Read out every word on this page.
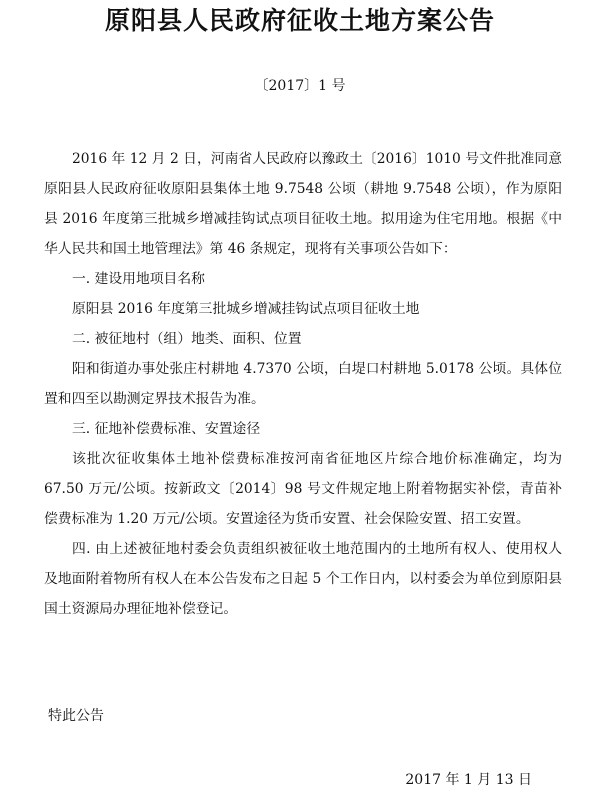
原阳县人民政府征收土地方案公告
〔2017〕1 号

2016 年 12 月 2 日，河南省人民政府以豫政土〔2016〕1010 号文件批准同意原阳县人民政府征收原阳县集体土地 9.7548 公顷（耕地 9.7548 公顷），作为原阳县 2016 年度第三批城乡增减挂钩试点项目征收土地。拟用途为住宅用地。根据《中华人民共和国土地管理法》第 46 条规定，现将有关事项公告如下：

一. 建设用地项目名称

原阳县 2016 年度第三批城乡增减挂钩试点项目征收土地

二. 被征地村（组）地类、面积、位置

阳和街道办事处张庄村耕地 4.7370 公顷，白堤口村耕地 5.0178 公顷。具体位置和四至以勘测定界技术报告为准。

三. 征地补偿费标准、安置途径

该批次征收集体土地补偿费标准按河南省征地区片综合地价标准确定，均为 67.50 万元/公顷。按新政文〔2014〕98 号文件规定地上附着物据实补偿，青苗补偿费标准为 1.20 万元/公顷。安置途径为货币安置、社会保险安置、招工安置。

四. 由上述被征地村委会负责组织被征收土地范围内的土地所有权人、使用权人及地面附着物所有权人在本公告发布之日起 5 个工作日内，以村委会为单位到原阳县国土资源局办理征地补偿登记。

特此公告
2017 年 1 月 13 日
